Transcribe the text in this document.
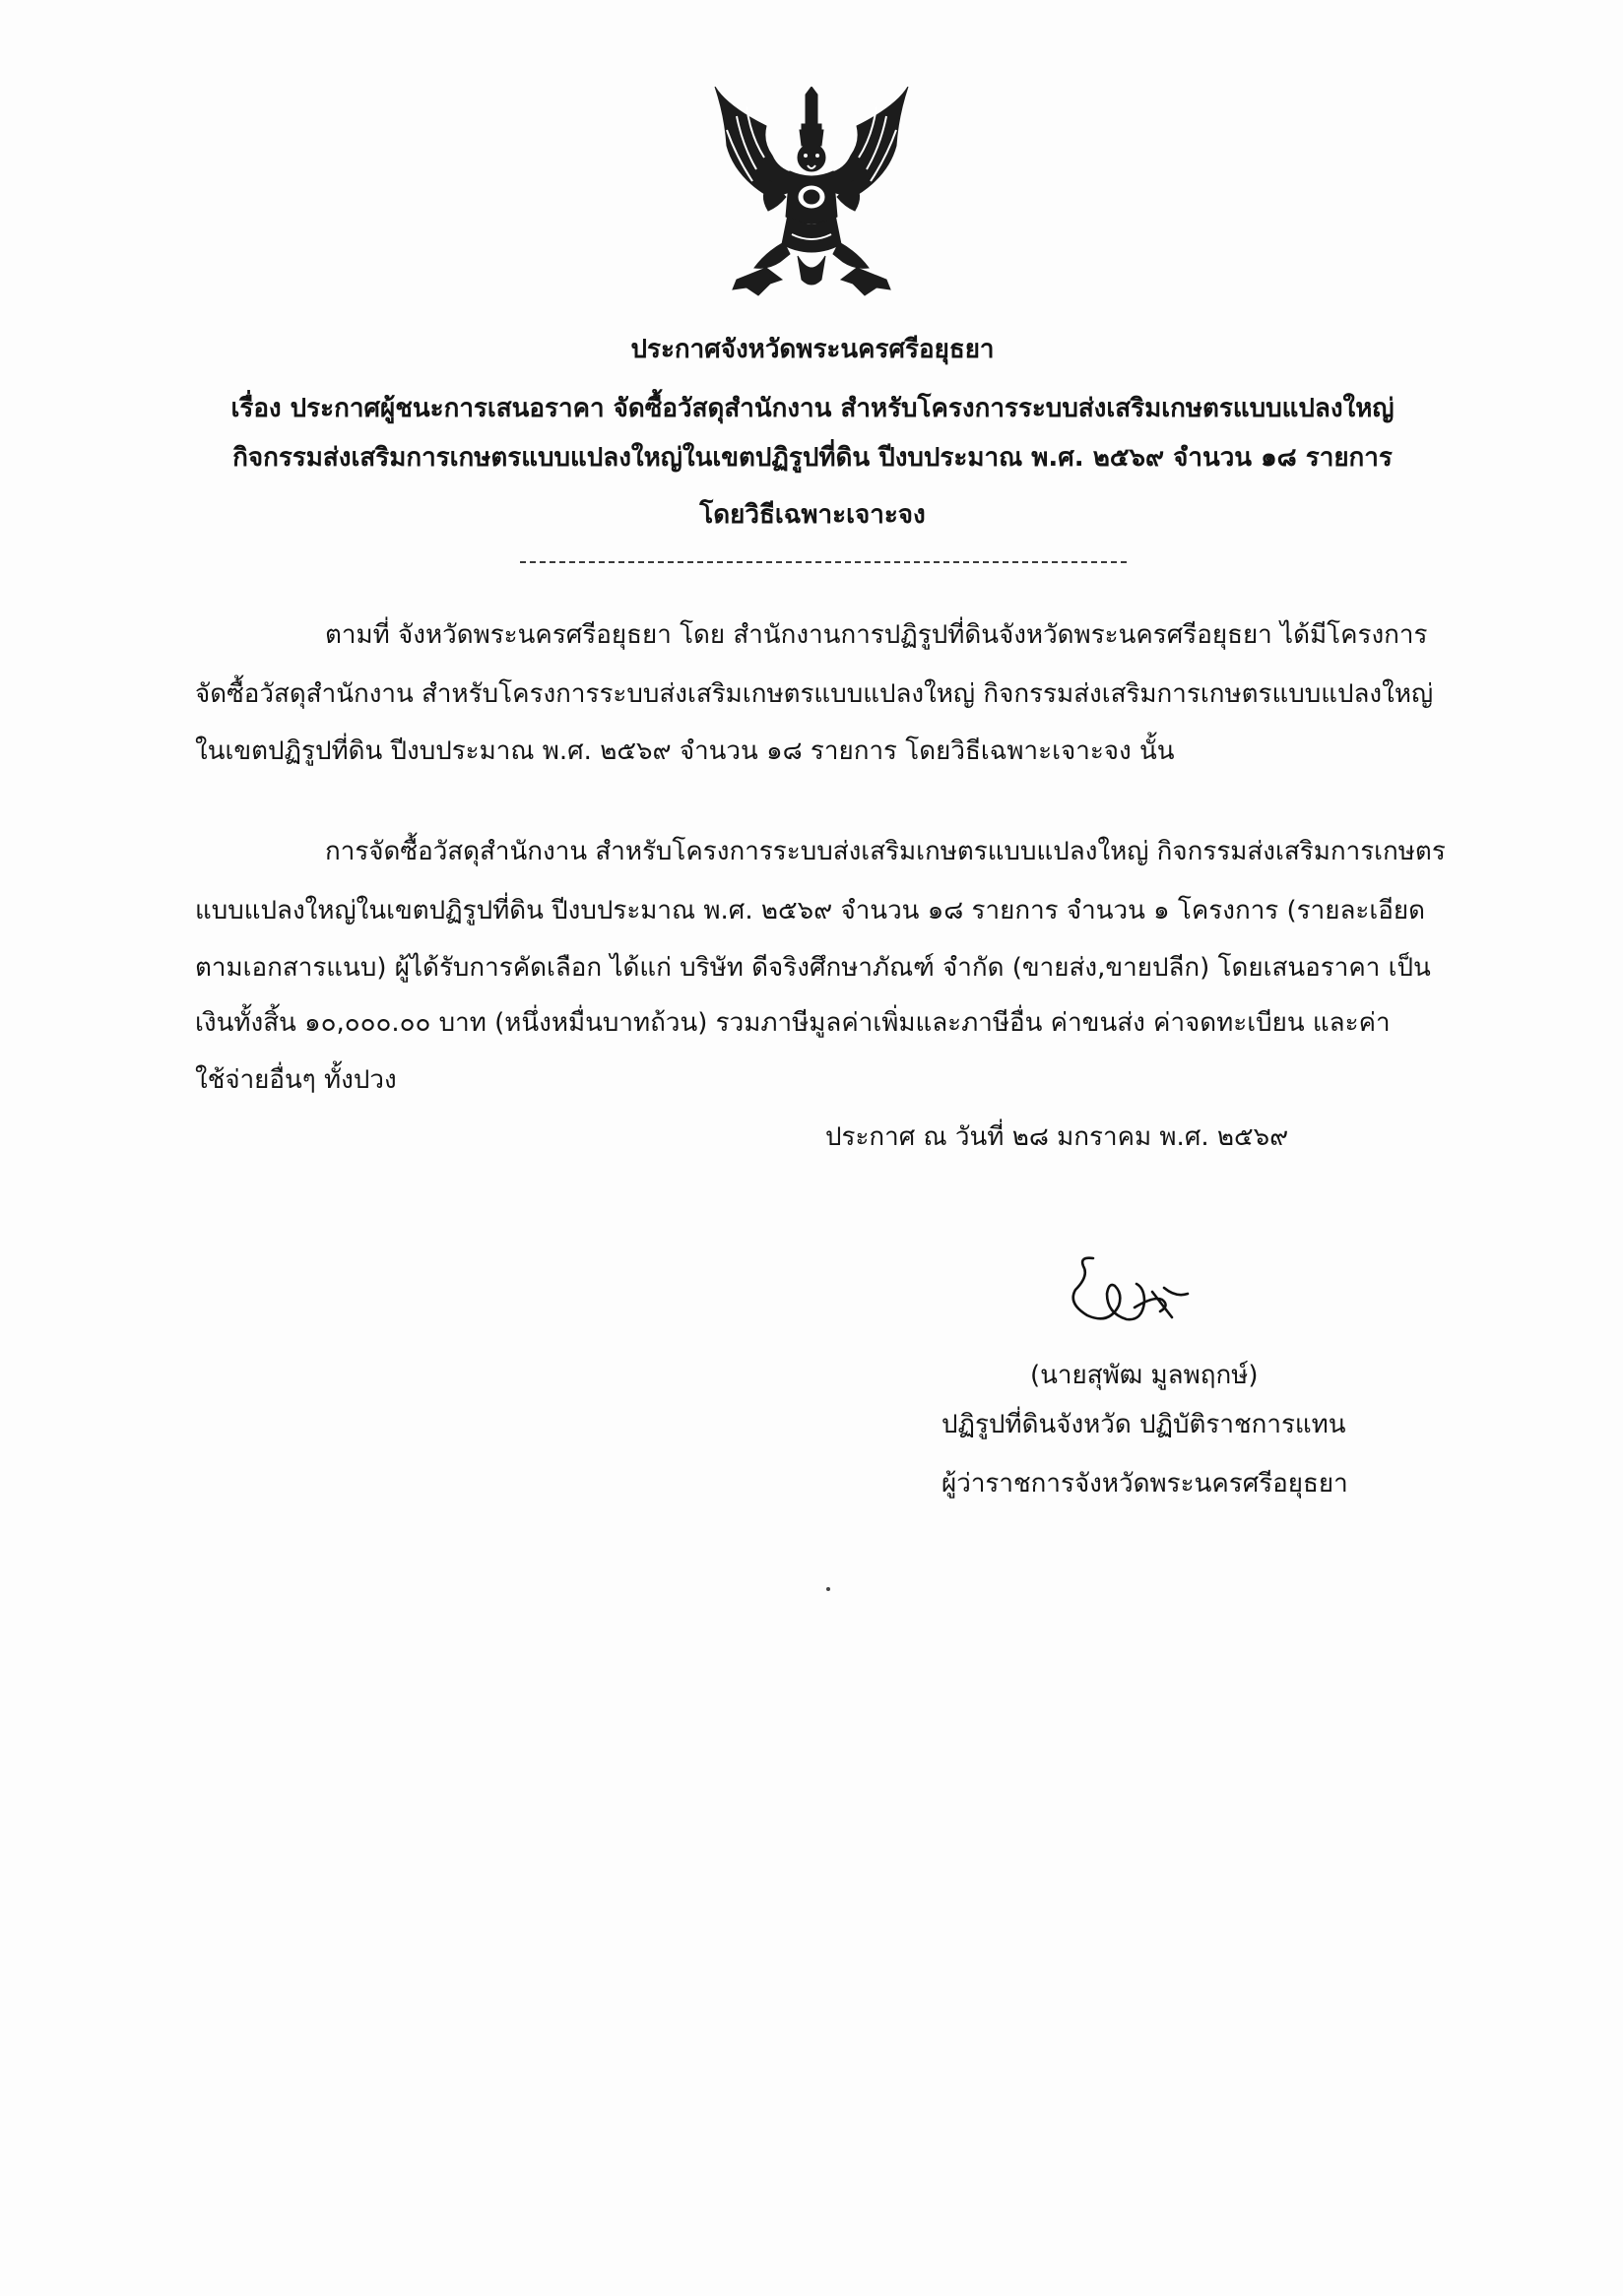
ประกาศจังหวัดพระนครศรีอยุธยา
เรื่อง ประกาศผู้ชนะการเสนอราคา จัดซื้อวัสดุสำนักงาน สำหรับโครงการระบบส่งเสริมเกษตรแบบแปลงใหญ่
กิจกรรมส่งเสริมการเกษตรแบบแปลงใหญ่ในเขตปฏิรูปที่ดิน ปีงบประมาณ พ.ศ. ๒๕๖๙ จำนวน ๑๘ รายการ
โดยวิธีเฉพาะเจาะจง
ตามที่ จังหวัดพระนครศรีอยุธยา โดย สำนักงานการปฏิรูปที่ดินจังหวัดพระนครศรีอยุธยา ได้มีโครงการ
จัดซื้อวัสดุสำนักงาน สำหรับโครงการระบบส่งเสริมเกษตรแบบแปลงใหญ่ กิจกรรมส่งเสริมการเกษตรแบบแปลงใหญ่
ในเขตปฏิรูปที่ดิน ปีงบประมาณ พ.ศ. ๒๕๖๙ จำนวน ๑๘ รายการ โดยวิธีเฉพาะเจาะจง นั้น
การจัดซื้อวัสดุสำนักงาน สำหรับโครงการระบบส่งเสริมเกษตรแบบแปลงใหญ่ กิจกรรมส่งเสริมการเกษตร
แบบแปลงใหญ่ในเขตปฏิรูปที่ดิน ปีงบประมาณ พ.ศ. ๒๕๖๙ จำนวน ๑๘ รายการ จำนวน ๑ โครงการ (รายละเอียด
ตามเอกสารแนบ) ผู้ได้รับการคัดเลือก ได้แก่ บริษัท ดีจริงศึกษาภัณฑ์ จำกัด (ขายส่ง,ขายปลีก) โดยเสนอราคา เป็น
เงินทั้งสิ้น ๑๐,๐๐๐.๐๐ บาท (หนึ่งหมื่นบาทถ้วน) รวมภาษีมูลค่าเพิ่มและภาษีอื่น ค่าขนส่ง ค่าจดทะเบียน และค่า
ใช้จ่ายอื่นๆ ทั้งปวง
ประกาศ ณ วันที่ ๒๘ มกราคม พ.ศ. ๒๕๖๙
(นายสุพัฒ มูลพฤกษ์)
ปฏิรูปที่ดินจังหวัด ปฏิบัติราชการแทน
ผู้ว่าราชการจังหวัดพระนครศรีอยุธยา
